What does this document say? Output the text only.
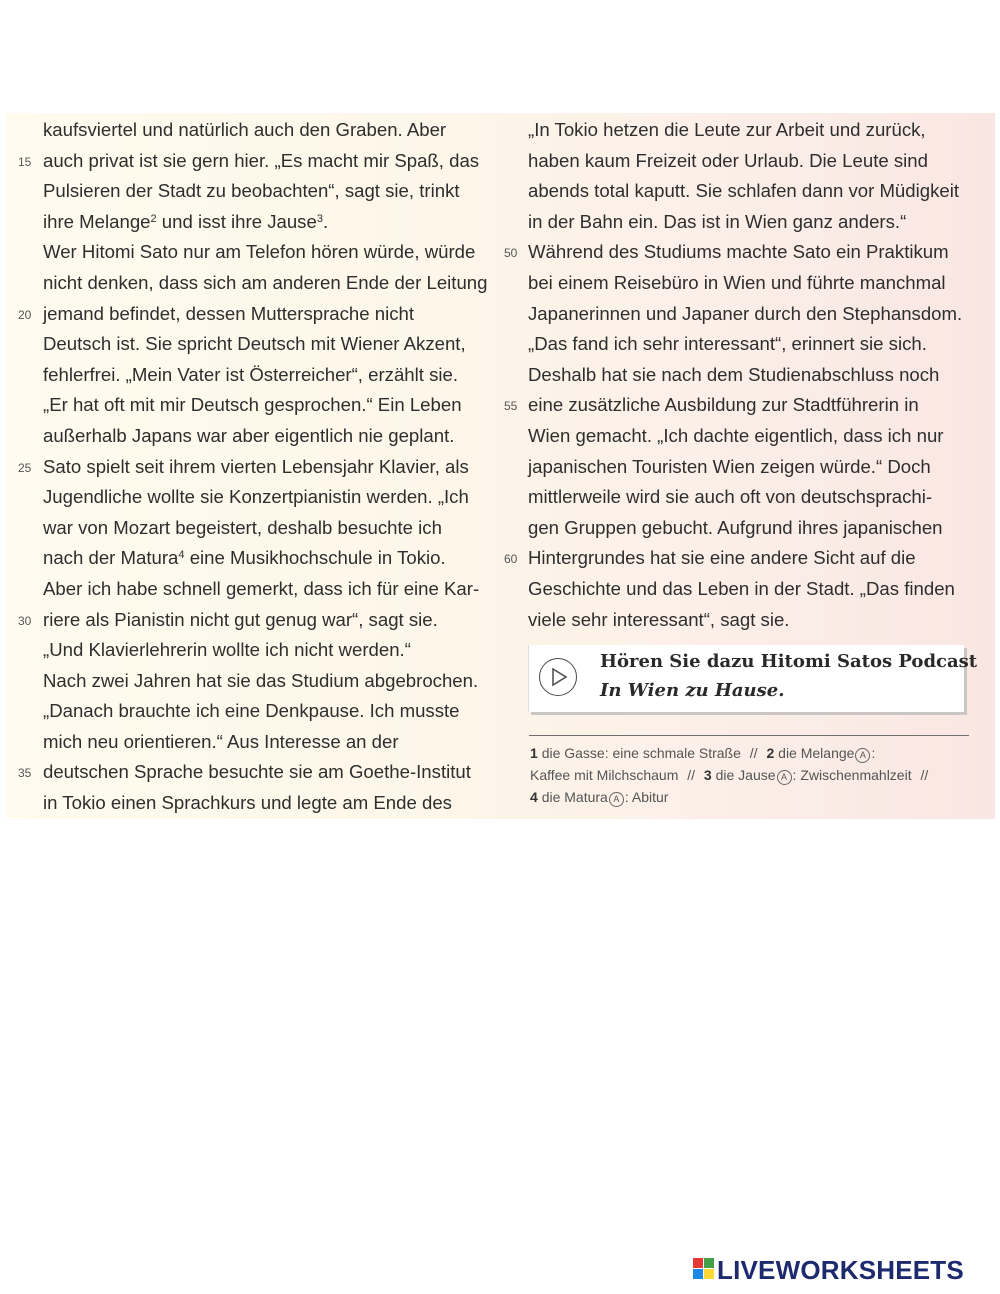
kaufsviertel und natürlich auch den Graben. Aber
15 auch privat ist sie gern hier. „Es macht mir Spaß, das
Pulsieren der Stadt zu beobachten“, sagt sie, trinkt
ihre Melange$^2$ und isst ihre Jause$^3$.
Wer Hitomi Sato nur am Telefon hören würde, würde
nicht denken, dass sich am anderen Ende der Leitung
20 jemand befindet, dessen Muttersprache nicht
Deutsch ist. Sie spricht Deutsch mit Wiener Akzent,
fehlerfrei. „Mein Vater ist Österreicher“, erzählt sie.
„Er hat oft mit mir Deutsch gesprochen.“ Ein Leben
außerhalb Japans war aber eigentlich nie geplant.
25 Sato spielt seit ihrem vierten Lebensjahr Klavier, als
Jugendliche wollte sie Konzertpianistin werden. „Ich
war von Mozart begeistert, deshalb besuchte ich
nach der Matura$^4$ eine Musikhochschule in Tokio.
Aber ich habe schnell gemerkt, dass ich für eine Kar-
30 riere als Pianistin nicht gut genug war“, sagt sie.
„Und Klavierlehrerin wollte ich nicht werden.“
Nach zwei Jahren hat sie das Studium abgebrochen.
„Danach brauchte ich eine Denkpause. Ich musste
mich neu orientieren.“ Aus Interesse an der
35 deutschen Sprache besuchte sie am Goethe-Institut
in Tokio einen Sprachkurs und legte am Ende des
„In Tokio hetzen die Leute zur Arbeit und zurück,
haben kaum Freizeit oder Urlaub. Die Leute sind
abends total kaputt. Sie schlafen dann vor Müdigkeit
in der Bahn ein. Das ist in Wien ganz anders.“
50 Während des Studiums machte Sato ein Praktikum
bei einem Reisebüro in Wien und führte manchmal
Japanerinnen und Japaner durch den Stephansdom.
„Das fand ich sehr interessant“, erinnert sie sich.
Deshalb hat sie nach dem Studienabschluss noch
55 eine zusätzliche Ausbildung zur Stadtführerin in
Wien gemacht. „Ich dachte eigentlich, dass ich nur
japanischen Touristen Wien zeigen würde.“ Doch
mittlerweile wird sie auch oft von deutschsprachi-
gen Gruppen gebucht. Aufgrund ihres japanischen
60 Hintergrundes hat sie eine andere Sicht auf die
Geschichte und das Leben in der Stadt. „Das finden
viele sehr interessant“, sagt sie.
Hören Sie dazu Hitomi Satos Podcast
In Wien zu Hause.
1 die Gasse: eine schmale Straße // 2 die Melange A :
Kaffee mit Milchschaum // 3 die Jause A : Zwischenmahlzeit //
4 die Matura A : Abitur
LIVEWORKSHEETS
